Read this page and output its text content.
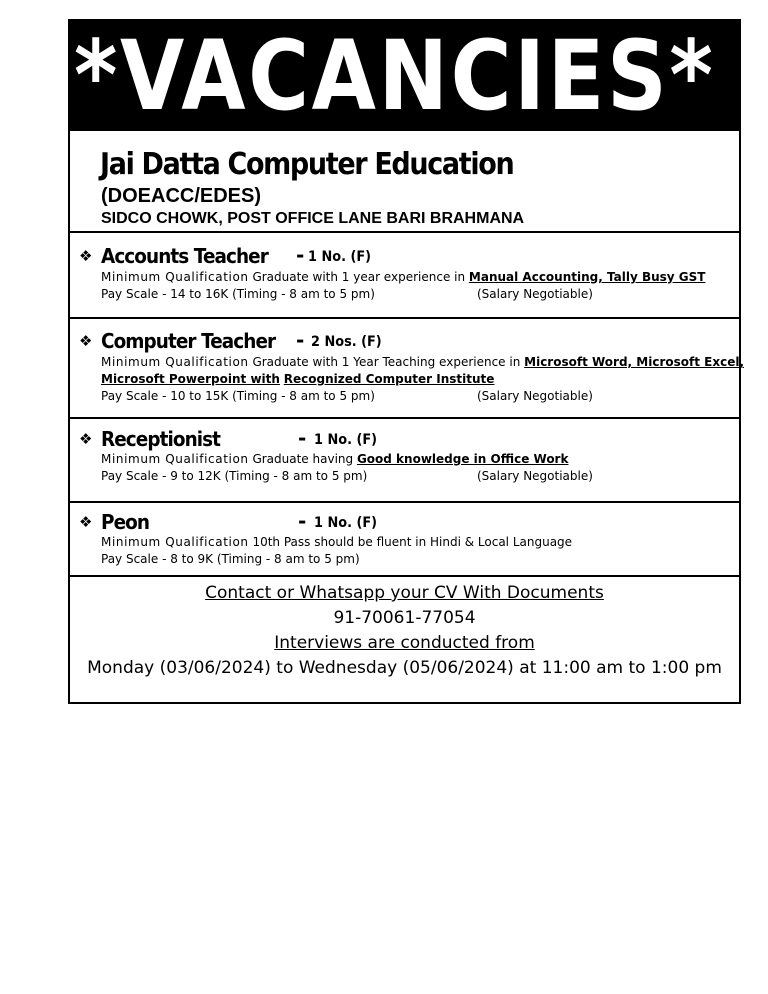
*VACANCIES*
Jai Datta Computer Education
(DOEACC/EDES)
SIDCO CHOWK, POST OFFICE LANE BARI BRAHMANA
❖ Accounts Teacher - 1 No. (F)
Minimum Qualification Graduate with 1 year experience in Manual Accounting, Tally Busy GST
Pay Scale - 14 to 16K (Timing - 8 am to 5 pm)	(Salary Negotiable)
❖ Computer Teacher - 2 Nos. (F)
Minimum Qualification Graduate with 1 Year Teaching experience in Microsoft Word, Microsoft Excel,
Microsoft Powerpoint with Recognized Computer Institute
Pay Scale - 10 to 15K (Timing - 8 am to 5 pm)	(Salary Negotiable)
❖ Receptionist	- 1 No. (F)
Minimum Qualification Graduate having Good knowledge in Office Work
Pay Scale - 9 to 12K (Timing - 8 am to 5 pm)	(Salary Negotiable)
❖ Peon	- 1 No. (F)
Minimum Qualification 10th Pass should be fluent in Hindi & Local Language
Pay Scale - 8 to 9K (Timing - 8 am to 5 pm)
Contact or Whatsapp your CV With Documents
91-70061-77054
Interviews are conducted from
Monday (03/06/2024) to Wednesday (05/06/2024) at 11:00 am to 1:00 pm
